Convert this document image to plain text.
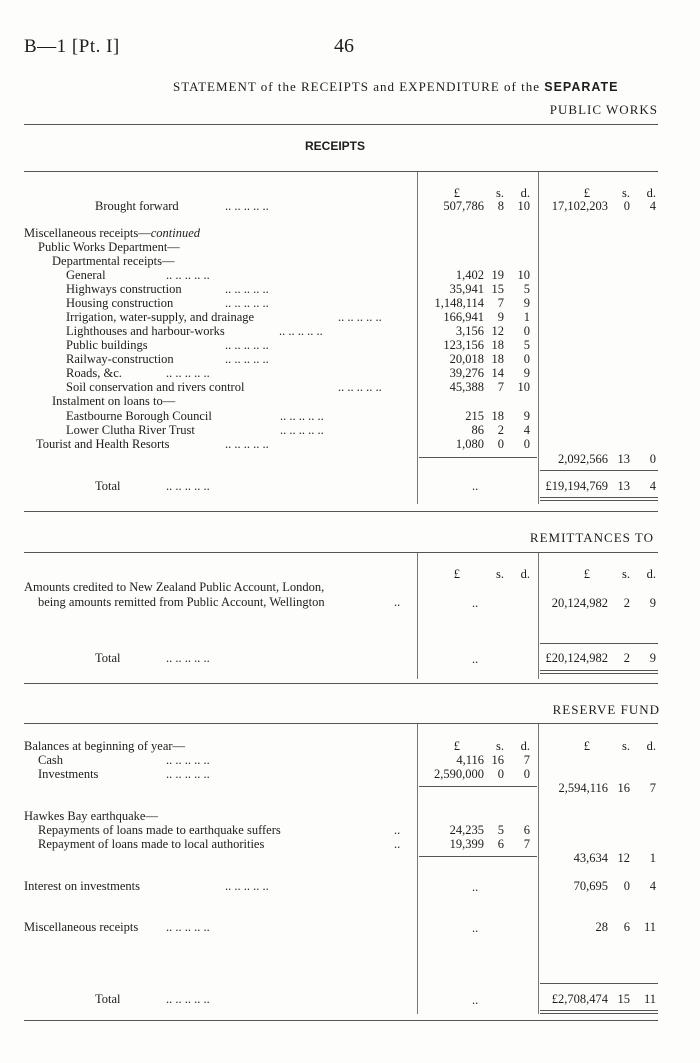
B—1 [Pt. I]	46
STATEMENT of the RECEIPTS and EXPENDITURE of the SEPARATE
PUBLIC WORKS
RECEIPTS
£	s.	d.	£	s.	d.
Brought forward	.. .. .. .. ..	507,786	8	10	17,102,203	0	4
Miscellaneous receipts—continued
Public Works Department—
Departmental receipts—
General	.. .. .. .. ..	1,402 19	10
Highways construction	.. .. .. .. ..	35,941 15	5
Housing construction	.. .. .. .. ..	1,148,114	7	9
Irrigation, water-supply, and drainage	.. .. .. .. ..	166,941	9	1
Lighthouses and harbour-works	.. .. .. .. ..	3,156 12	0
Public buildings	.. .. .. .. ..	123,156 18	5
Railway-construction	.. .. .. .. ..	20,018 18	0
Roads, &c.	.. .. .. .. ..	39,276 14	9
Soil conservation and rivers control	.. .. .. .. ..	45,388	7	10
Instalment on loans to—
Eastbourne Borough Council	.. .. .. .. ..	215 18	9
Lower Clutha River Trust	.. .. .. .. ..	86	2	4
Tourist and Health Resorts	.. .. .. .. ..	1,080	0	0
2,092,566 13	0
Total	.. .. .. .. ..	..	£19,194,769 13	4
REMITTANCES TO
£	s.	d.	£	s.	d.
Amounts credited to New Zealand Public Account, London,
being amounts remitted from Public Account, Wellington	..	..	20,124,982	2	9
Total	.. .. .. .. ..	..	£20,124,982	2	9
RESERVE FUND
£	s.	d.	£	s.	d.
Balances at beginning of year—
Cash	.. .. .. .. ..	4,116 16	7
Investments	.. .. .. .. ..	2,590,000	0	0
2,594,116 16	7
Hawkes Bay earthquake—
Repayments of loans made to earthquake suffers	..	24,235	5	6
Repayment of loans made to local authorities	..	19,399	6	7
43,634 12	1
Interest on investments	.. .. .. .. ..	..	70,695	0	4
Miscellaneous receipts .. .. .. .. ..	..	28	6	11
Total	.. .. .. .. ..	..	£2,708,474 15	11
